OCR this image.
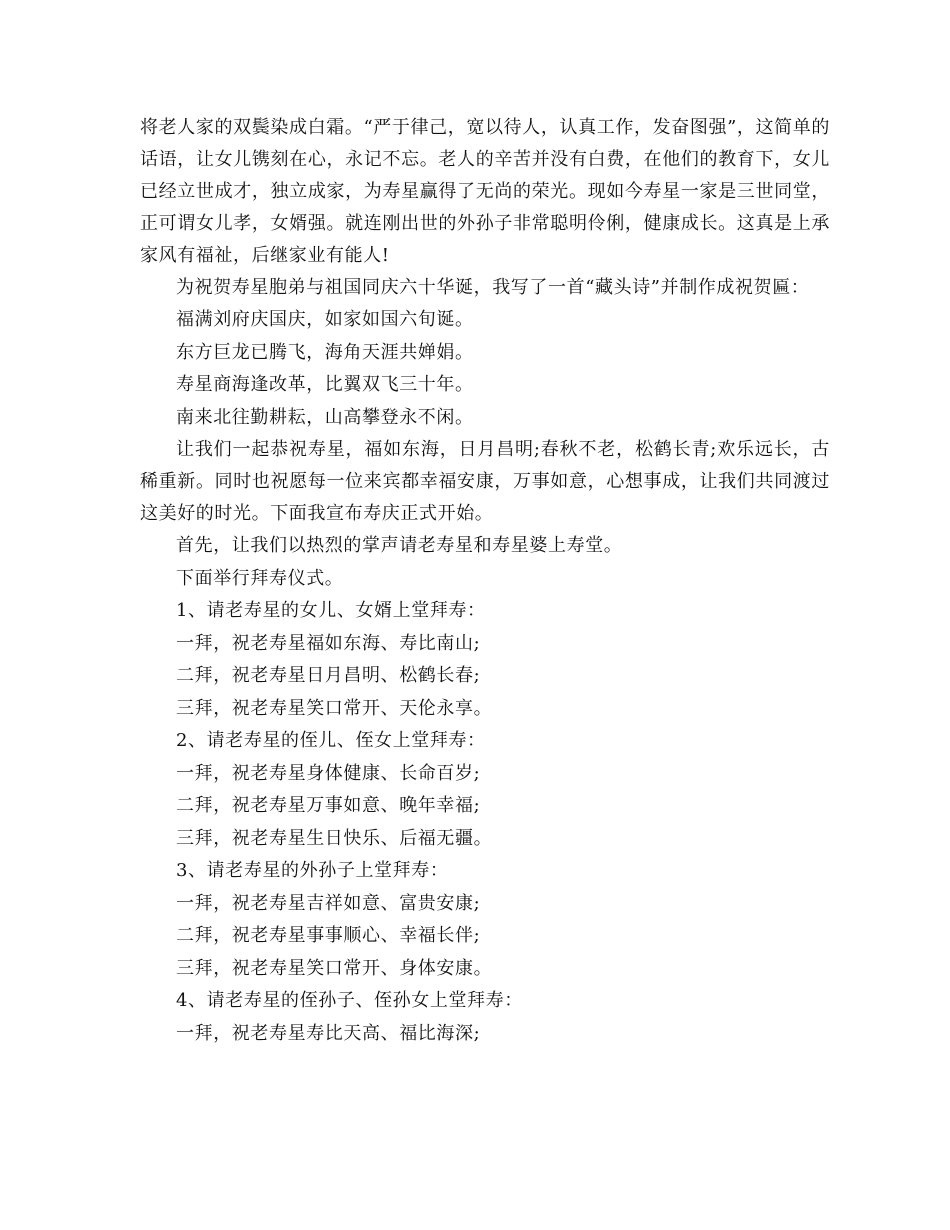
将老人家的双鬓染成白霜。“严于律己，宽以待人，认真工作，发奋图强”，这简单的话语，让女儿镌刻在心，永记不忘。老人的辛苦并没有白费，在他们的教育下，女儿已经立世成才，独立成家，为寿星赢得了无尚的荣光。现如今寿星一家是三世同堂，正可谓女儿孝，女婿强。就连刚出世的外孙子非常聪明伶俐，健康成长。这真是上承家风有福祉，后继家业有能人!

为祝贺寿星胞弟与祖国同庆六十华诞，我写了一首“藏头诗”并制作成祝贺匾：

福满刘府庆国庆，如家如国六旬诞。

东方巨龙已腾飞，海角天涯共婵娟。

寿星商海逢改革，比翼双飞三十年。

南来北往勤耕耘，山高攀登永不闲。

让我们一起恭祝寿星，福如东海，日月昌明;春秋不老，松鹤长青;欢乐远长，古稀重新。同时也祝愿每一位来宾都幸福安康，万事如意，心想事成，让我们共同渡过这美好的时光。下面我宣布寿庆正式开始。

首先，让我们以热烈的掌声请老寿星和寿星婆上寿堂。

下面举行拜寿仪式。

1、请老寿星的女儿、女婿上堂拜寿：

一拜，祝老寿星福如东海、寿比南山;

二拜，祝老寿星日月昌明、松鹤长春;

三拜，祝老寿星笑口常开、天伦永享。

2、请老寿星的侄儿、侄女上堂拜寿：

一拜，祝老寿星身体健康、长命百岁;

二拜，祝老寿星万事如意、晚年幸福;

三拜，祝老寿星生日快乐、后福无疆。

3、请老寿星的外孙子上堂拜寿：

一拜，祝老寿星吉祥如意、富贵安康;

二拜，祝老寿星事事顺心、幸福长伴;

三拜，祝老寿星笑口常开、身体安康。

4、请老寿星的侄孙子、侄孙女上堂拜寿：

一拜，祝老寿星寿比天高、福比海深;
